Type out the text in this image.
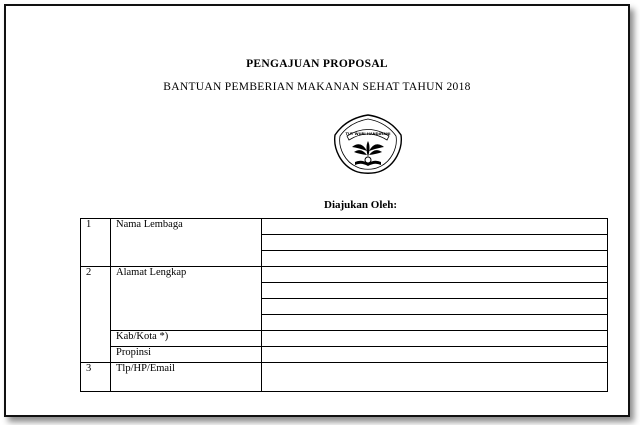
PENGAJUAN PROPOSAL
BANTUAN PEMBERIAN MAKANAN SEHAT TAHUN 2018
TUT WURI HANDAYANI
Diajukan Oleh:
1	Nama Lembaga	

2	Alamat Lengkap	

	Kab/Kota *)	
	Propinsi	
3	Tlp/HP/Email	
